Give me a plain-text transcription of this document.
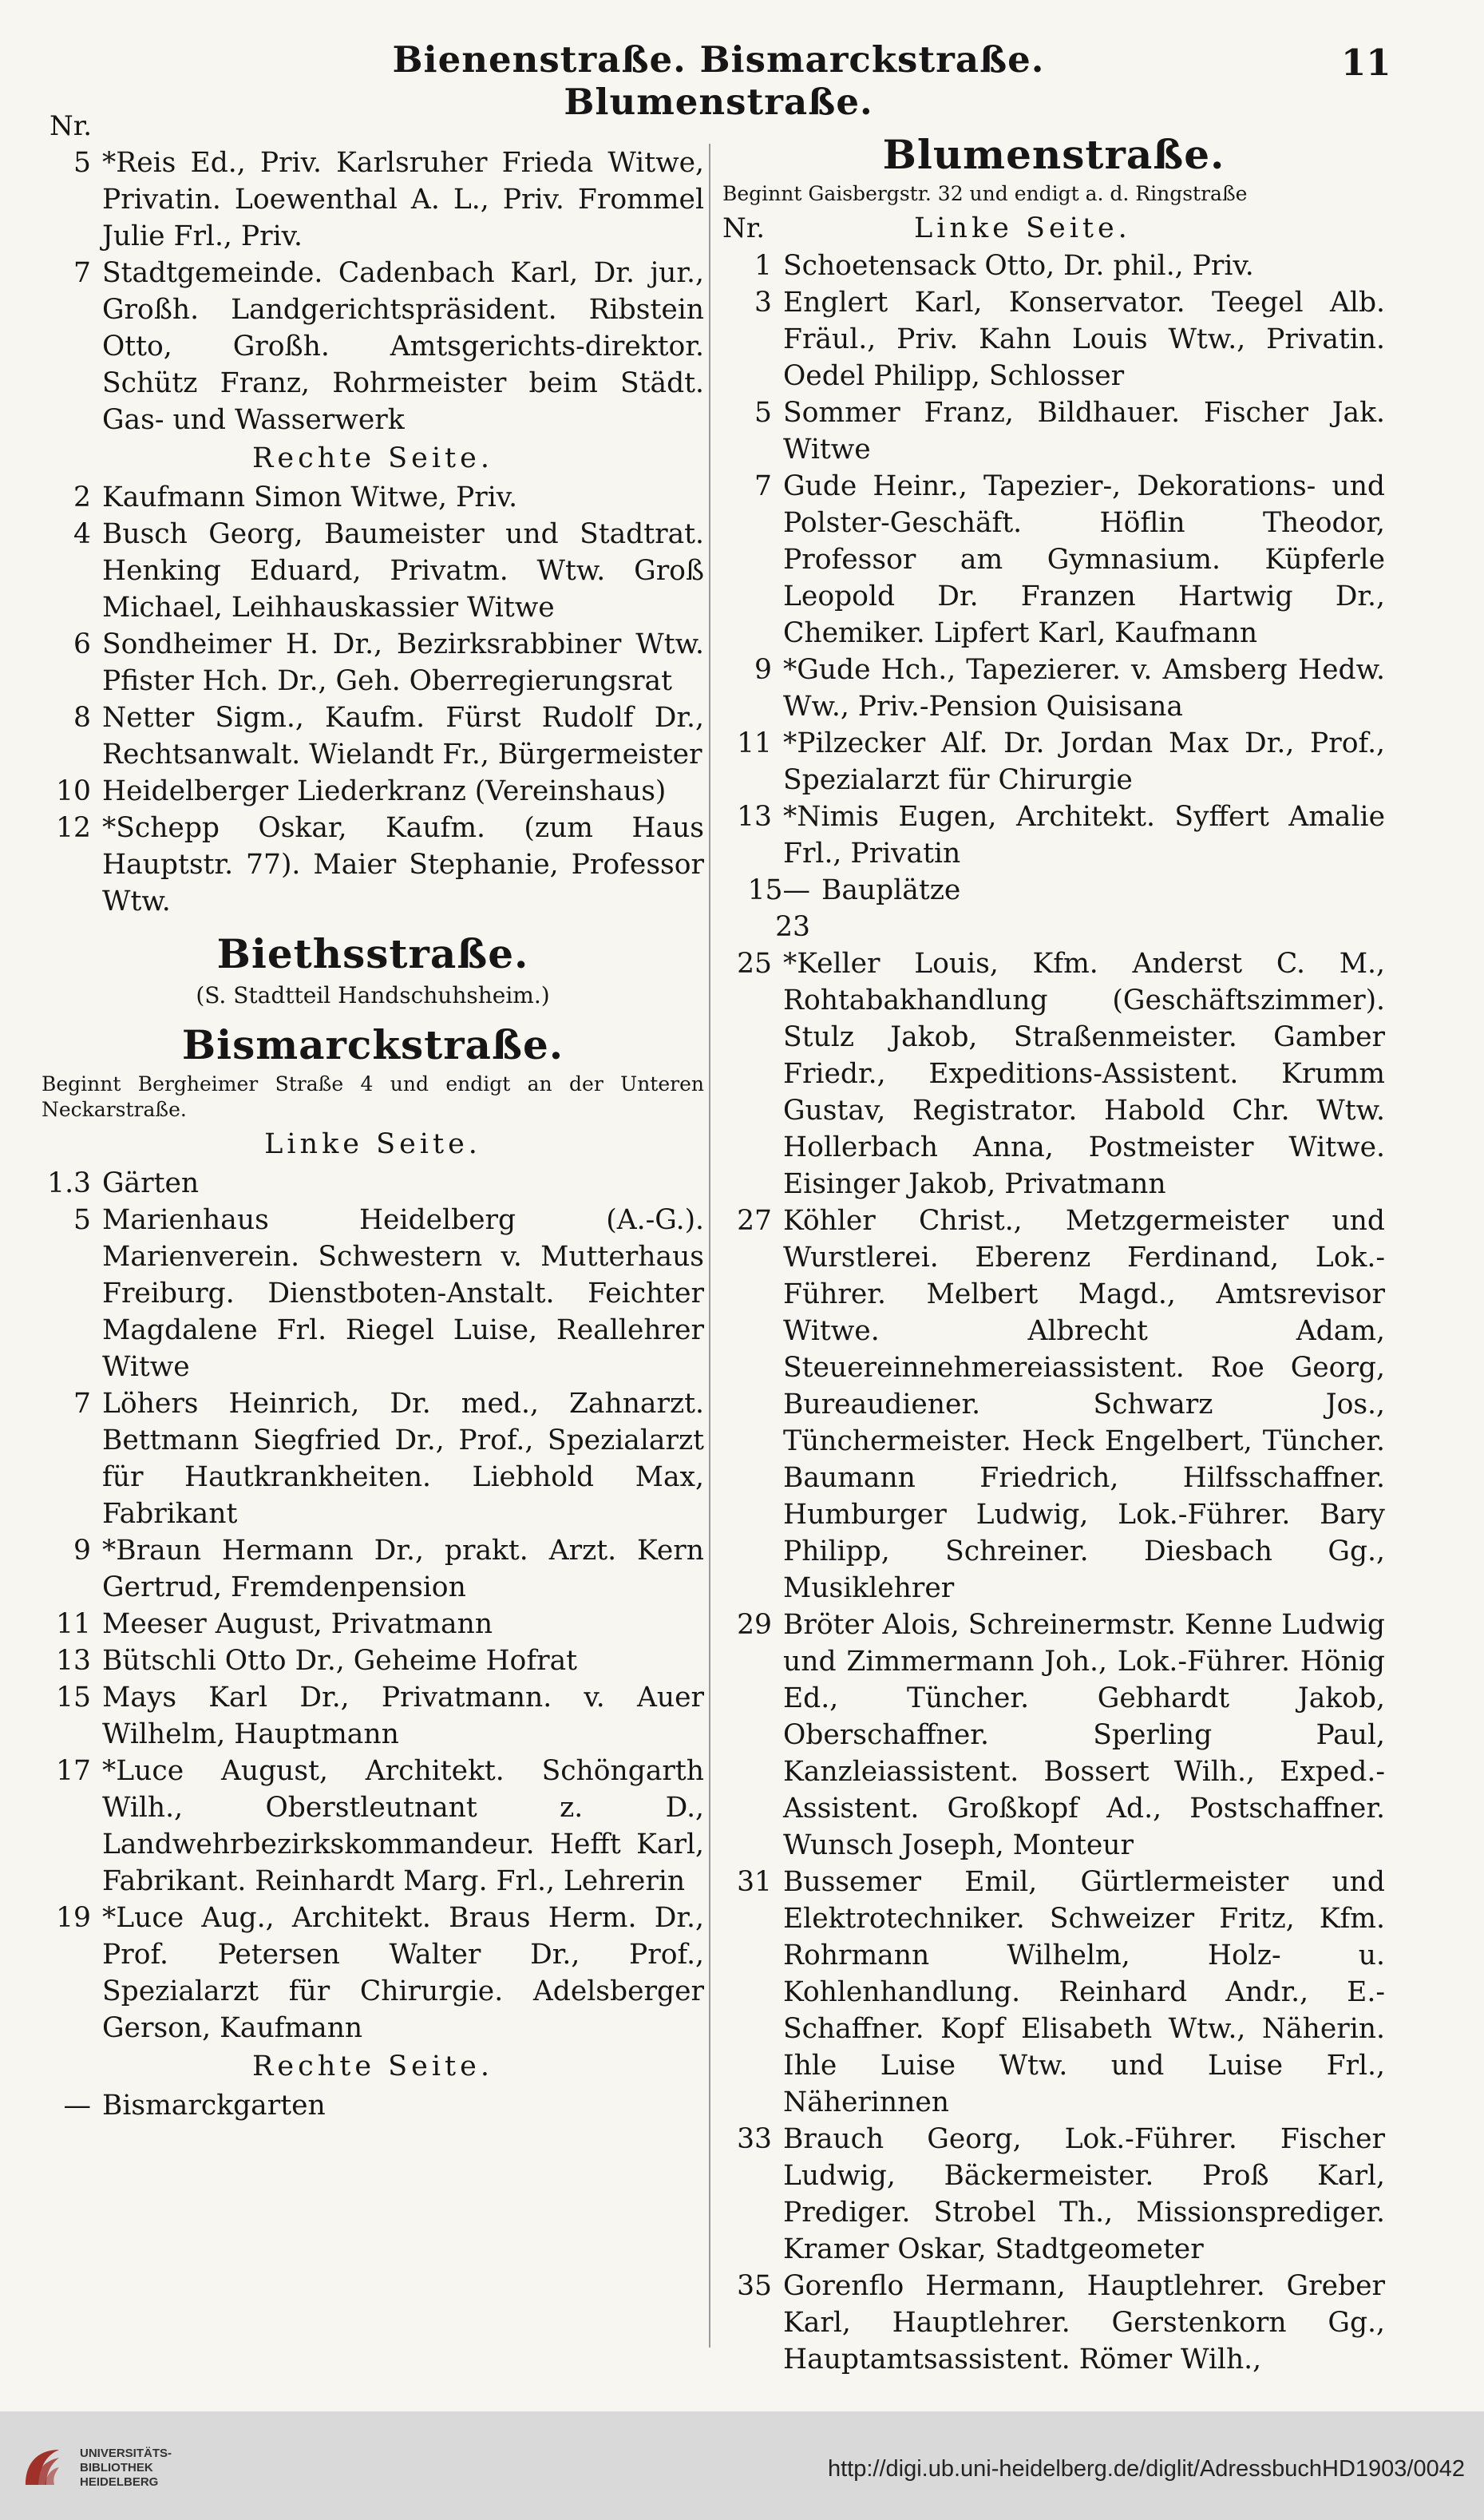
Bienenstraße. Bismarckstraße. Blumenstraße.
11

Nr.

5 *Reis Ed., Priv. Karlsruher Frieda Witwe, Privatin. Loewenthal A. L., Priv. Frommel Julie Frl., Priv.
7 Stadtgemeinde. Cadenbach Karl, Dr. jur., Großh. Landgerichtspräsident. Ribstein Otto, Großh. Amtsgerichts-direktor. Schütz Franz, Rohrmeister beim Städt. Gas- und Wasserwerk

Rechte Seite.

2 Kaufmann Simon Witwe, Priv.
4 Busch Georg, Baumeister und Stadtrat. Henking Eduard, Privatm. Wtw. Groß Michael, Leihhauskassier Witwe
6 Sondheimer H. Dr., Bezirksrabbiner Wtw. Pfister Hch. Dr., Geh. Oberregierungsrat
8 Netter Sigm., Kaufm. Fürst Rudolf Dr., Rechtsanwalt. Wielandt Fr., Bürgermeister
10 Heidelberger Liederkranz (Vereinshaus)
12 *Schepp Oskar, Kaufm. (zum Haus Hauptstr. 77). Maier Stephanie, Professor Wtw.
Biethsstraße.

(S. Stadtteil Handschuhsheim.)

Bismarckstraße.

Beginnt Bergheimer Straße 4 und endigt an der Unteren Neckarstraße.

Linke Seite.

1.3 Gärten
5 Marienhaus Heidelberg (A.-G.). Marienverein. Schwestern v. Mutterhaus Freiburg. Dienstboten-Anstalt. Feichter Magdalene Frl. Riegel Luise, Reallehrer Witwe
7 Löhers Heinrich, Dr. med., Zahnarzt. Bettmann Siegfried Dr., Prof., Spezialarzt für Hautkrankheiten. Liebhold Max, Fabrikant
9 *Braun Hermann Dr., prakt. Arzt. Kern Gertrud, Fremdenpension
11 Meeser August, Privatmann
13 Bütschli Otto Dr., Geheime Hofrat
15 Mays Karl Dr., Privatmann. v. Auer Wilhelm, Hauptmann
17 *Luce August, Architekt. Schöngarth Wilh., Oberstleutnant z. D., Landwehrbezirkskommandeur. Hefft Karl, Fabrikant. Reinhardt Marg. Frl., Lehrerin
19 *Luce Aug., Architekt. Braus Herm. Dr., Prof. Petersen Walter Dr., Prof., Spezialarzt für Chirurgie. Adelsberger Gerson, Kaufmann

Rechte Seite.

— Bismarckgarten
Blumenstraße.

Beginnt Gaisbergstr. 32 und endigt a. d. Ringstraße

Nr.	Linke Seite.

1 Schoetensack Otto, Dr. phil., Priv.
3 Englert Karl, Konservator. Teegel Alb. Fräul., Priv. Kahn Louis Wtw., Privatin. Oedel Philipp, Schlosser
5 Sommer Franz, Bildhauer. Fischer Jak. Witwe
7 Gude Heinr., Tapezier-, Dekorations- und Polster-Geschäft. Höflin Theodor, Professor am Gymnasium. Küpferle Leopold Dr. Franzen Hartwig Dr., Chemiker. Lipfert Karl, Kaufmann
9 *Gude Hch., Tapezierer. v. Amsberg Hedw. Ww., Priv.-Pension Quisisana
11 *Pilzecker Alf. Dr. Jordan Max Dr., Prof., Spezialarzt für Chirurgie
13 *Nimis Eugen, Architekt. Syffert Amalie Frl., Privatin
15—23
Bauplätze
25 *Keller Louis, Kfm. Anderst C. M., Rohtabakhandlung (Geschäftszimmer). Stulz Jakob, Straßenmeister. Gamber Friedr., Expeditions-Assistent. Krumm Gustav, Registrator. Habold Chr. Wtw. Hollerbach Anna, Postmeister Witwe. Eisinger Jakob, Privatmann
27 Köhler Christ., Metzgermeister und Wurstlerei. Eberenz Ferdinand, Lok.-Führer. Melbert Magd., Amtsrevisor Witwe. Albrecht Adam, Steuereinnehmereiassistent. Roe Georg, Bureaudiener. Schwarz Jos., Tünchermeister. Heck Engelbert, Tüncher. Baumann Friedrich, Hilfsschaffner. Humburger Ludwig, Lok.-Führer. Bary Philipp, Schreiner. Diesbach Gg., Musiklehrer
29 Bröter Alois, Schreinermstr. Kenne Ludwig und Zimmermann Joh., Lok.-Führer. Hönig Ed., Tüncher. Gebhardt Jakob, Oberschaffner. Sperling Paul, Kanzleiassistent. Bossert Wilh., Exped.-Assistent. Großkopf Ad., Postschaffner. Wunsch Joseph, Monteur
31 Bussemer Emil, Gürtlermeister und Elektrotechniker. Schweizer Fritz, Kfm. Rohrmann Wilhelm, Holz- u. Kohlenhandlung. Reinhard Andr., E.-Schaffner. Kopf Elisabeth Wtw., Näherin. Ihle Luise Wtw. und Luise Frl., Näherinnen
33 Brauch Georg, Lok.-Führer. Fischer Ludwig, Bäckermeister. Proß Karl, Prediger. Strobel Th., Missionsprediger. Kramer Oskar, Stadtgeometer
35 Gorenflo Hermann, Hauptlehrer. Greber Karl, Hauptlehrer. Gerstenkorn Gg., Hauptamtsassistent. Römer Wilh.,
UNIVERSITÄTS-
BIBLIOTHEK
HEIDELBERG
http://digi.ub.uni-heidelberg.de/diglit/AdressbuchHD1903/0042
